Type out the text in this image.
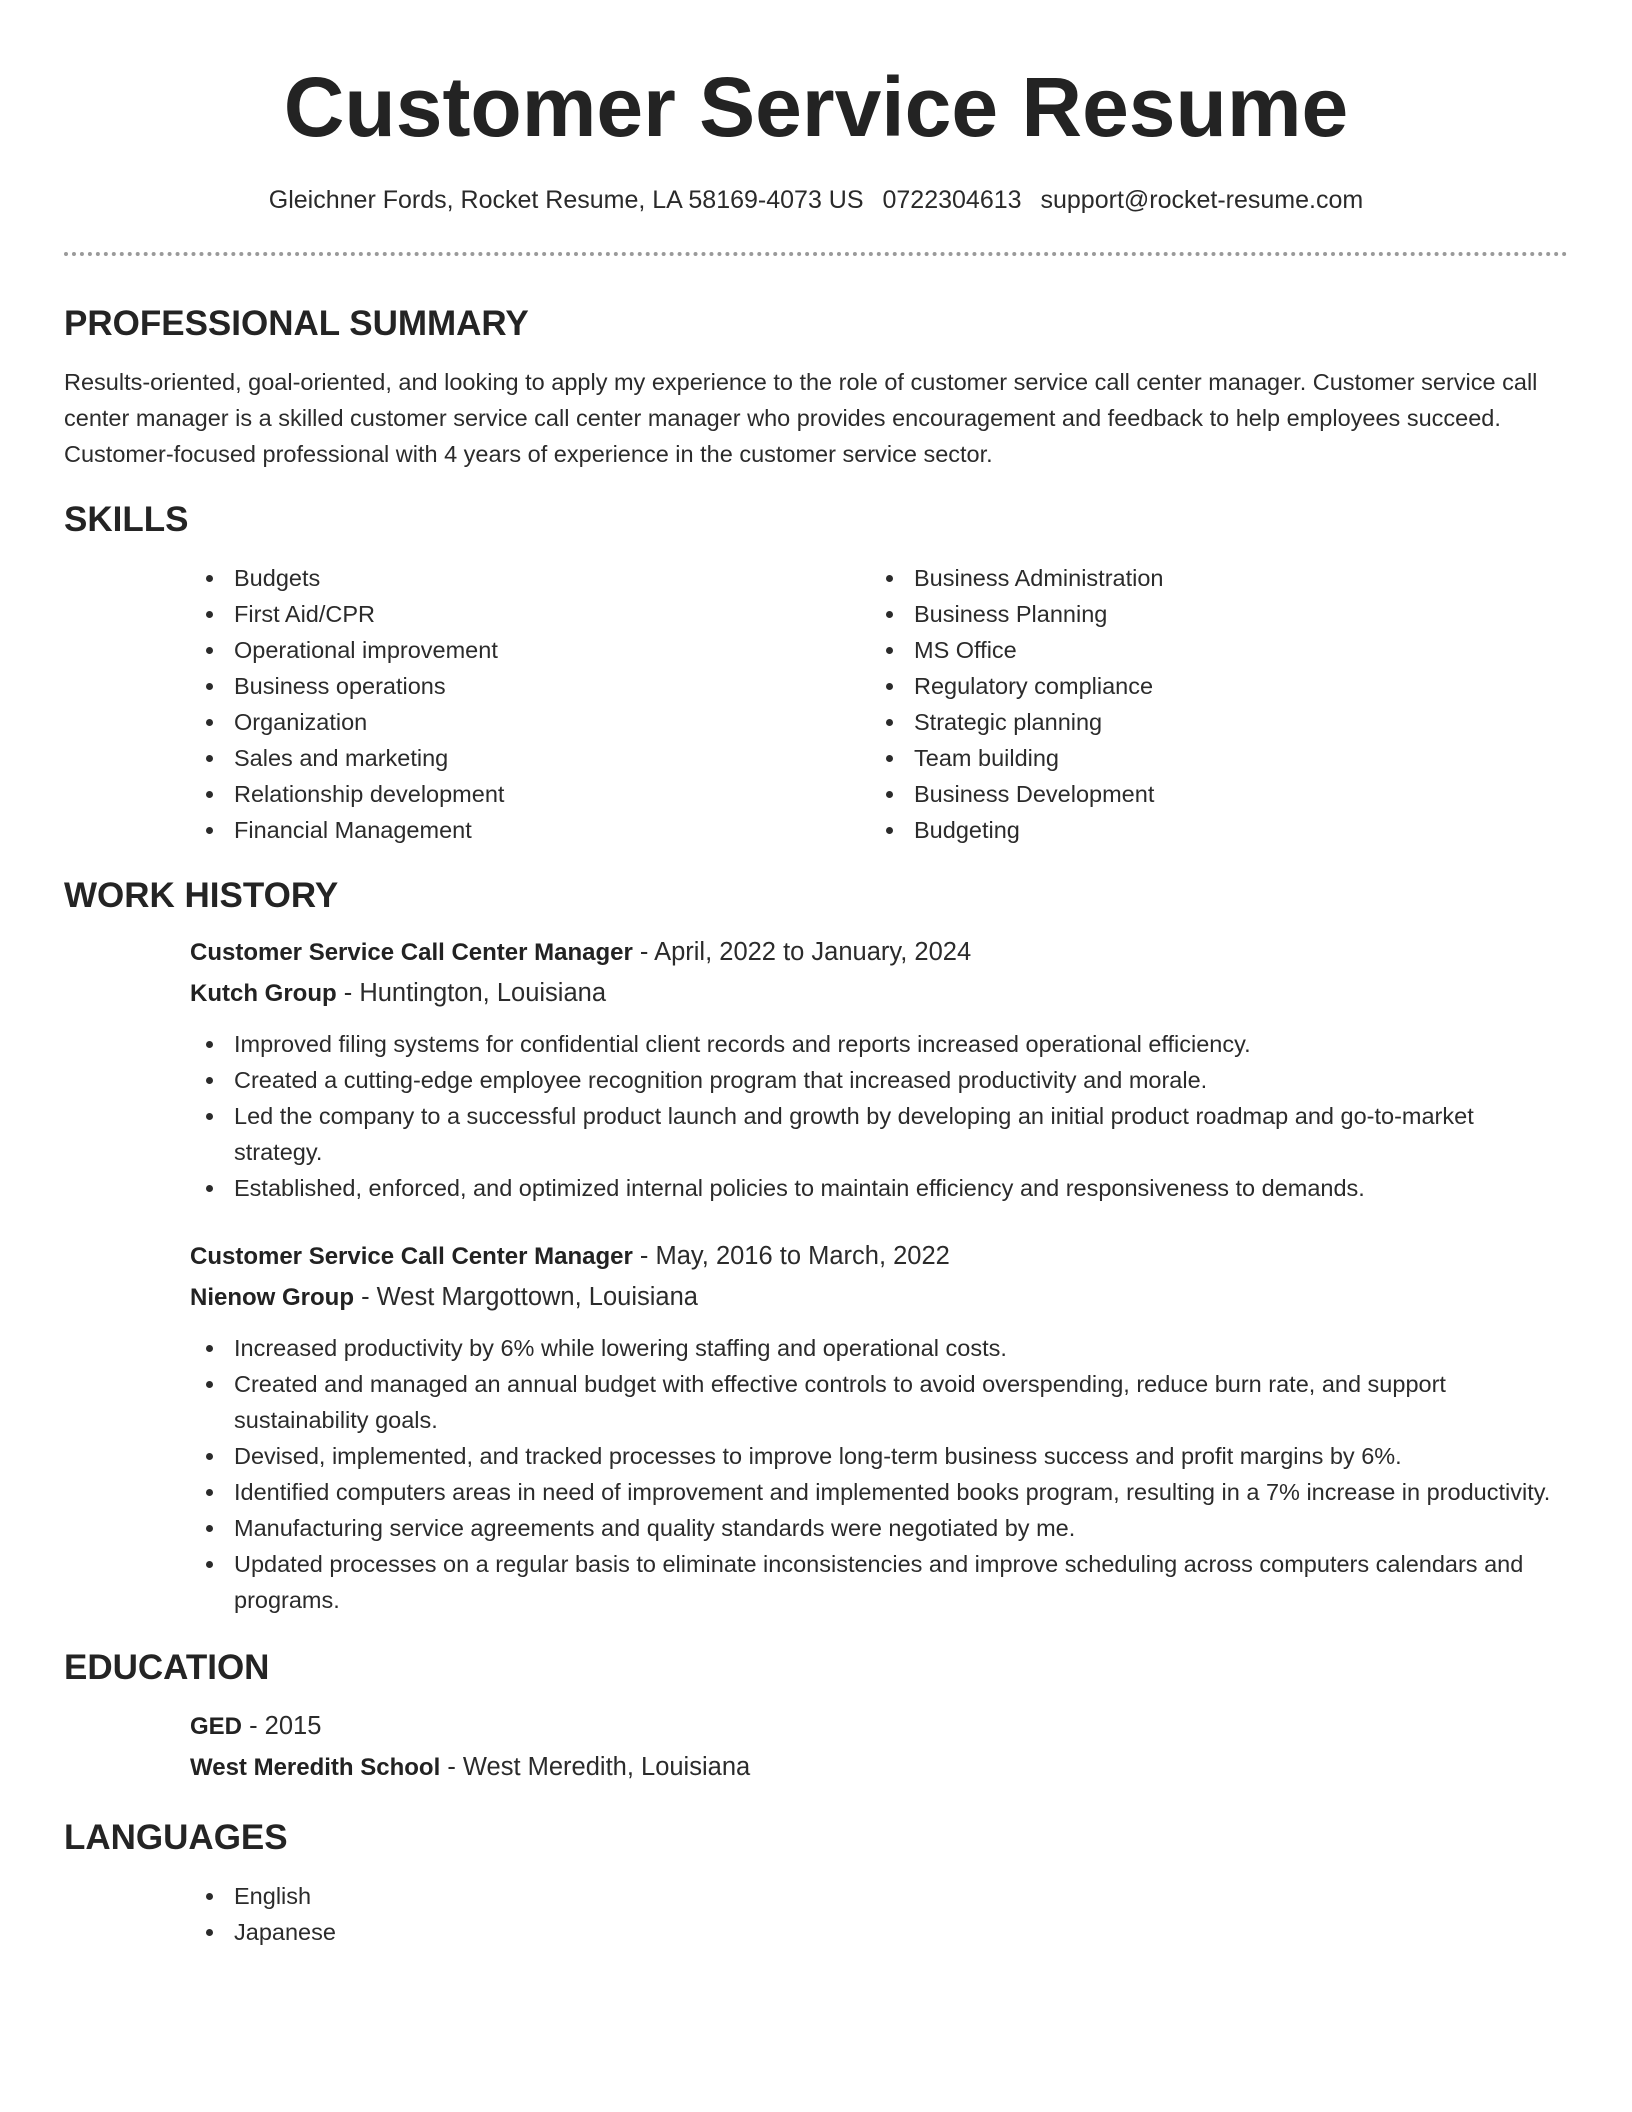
Customer Service Resume
Gleichner Fords, Rocket Resume, LA 58169-4073 US 0722304613 support@rocket-resume.com
PROFESSIONAL SUMMARY

Results-oriented, goal-oriented, and looking to apply my experience to the role of customer service call center manager. Customer service call center manager is a skilled customer service call center manager who provides encouragement and feedback to help employees succeed. Customer-focused professional with 4 years of experience in the customer service sector.

SKILLS
Budgets
First Aid/CPR
Operational improvement
Business operations
Organization
Sales and marketing
Relationship development
Financial Management
Business Administration
Business Planning
MS Office
Regulatory compliance
Strategic planning
Team building
Business Development
Budgeting
WORK HISTORY
Customer Service Call Center Manager - April, 2022 to January, 2024
Kutch Group - Huntington, Louisiana
Improved filing systems for confidential client records and reports increased operational efficiency.
Created a cutting-edge employee recognition program that increased productivity and morale.
Led the company to a successful product launch and growth by developing an initial product roadmap and go-to-market strategy.
Established, enforced, and optimized internal policies to maintain efficiency and responsiveness to demands.
Customer Service Call Center Manager - May, 2016 to March, 2022
Nienow Group - West Margottown, Louisiana
Increased productivity by 6% while lowering staffing and operational costs.
Created and managed an annual budget with effective controls to avoid overspending, reduce burn rate, and support sustainability goals.
Devised, implemented, and tracked processes to improve long-term business success and profit margins by 6%.
Identified computers areas in need of improvement and implemented books program, resulting in a 7% increase in productivity.
Manufacturing service agreements and quality standards were negotiated by me.
Updated processes on a regular basis to eliminate inconsistencies and improve scheduling across computers calendars and programs.
EDUCATION
GED - 2015
West Meredith School - West Meredith, Louisiana
LANGUAGES
English
Japanese
